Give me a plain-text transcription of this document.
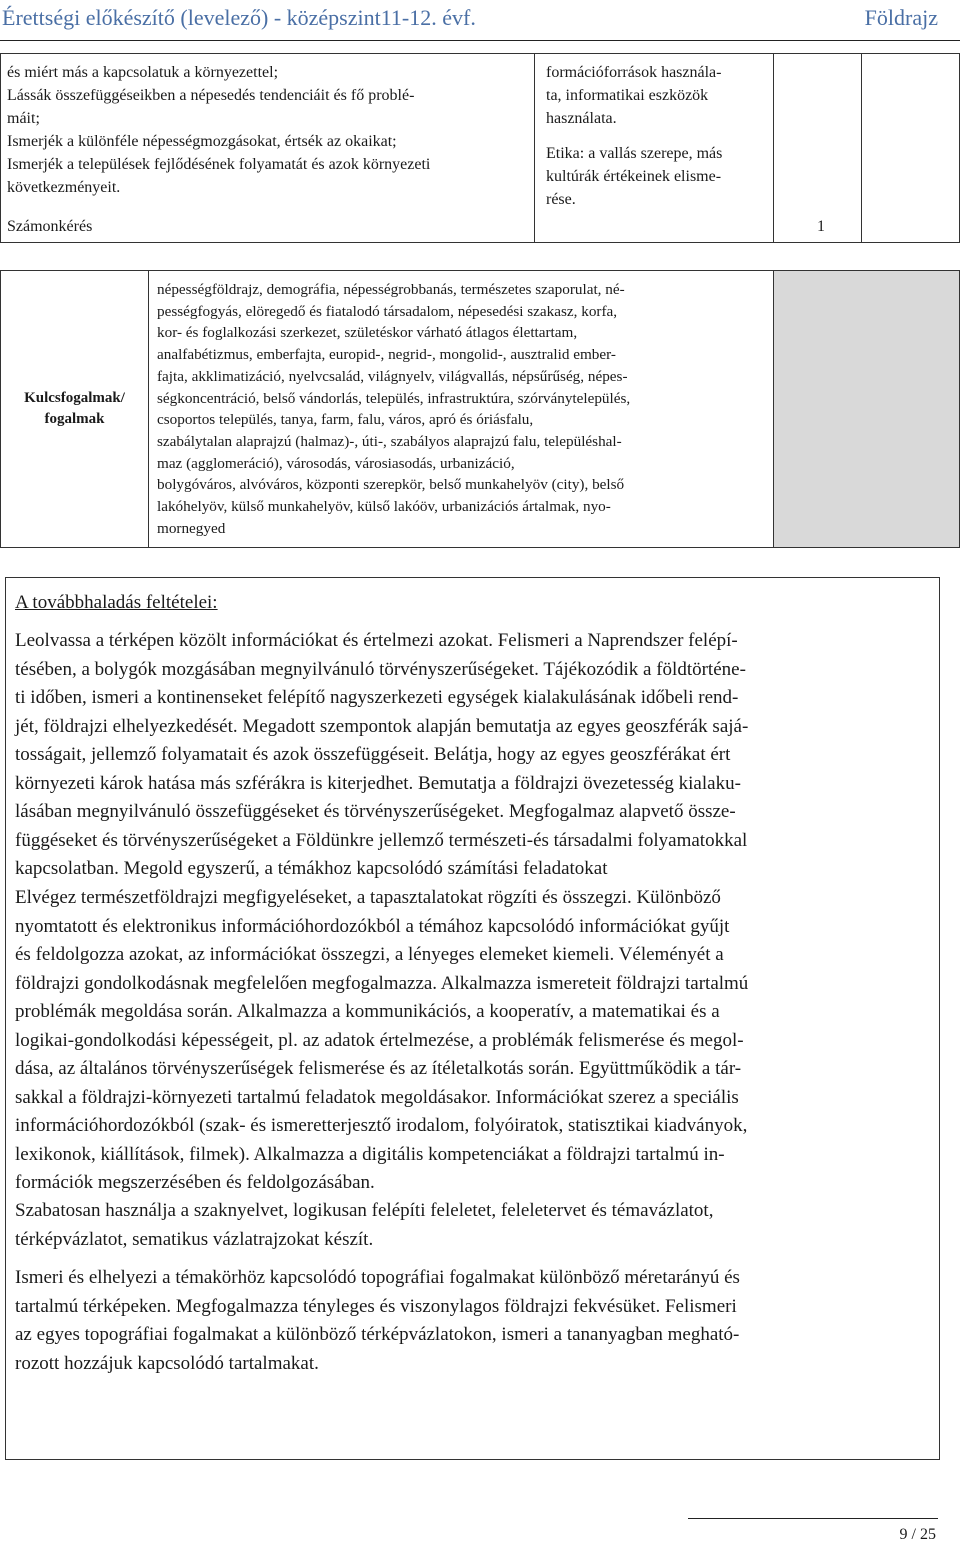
Érettségi előkészítő (levelező) - középszint11-12. évf.	Földrajz
és miért más a kapcsolatuk a környezettel;
Lássák összefüggéseikben a népesedés tendenciáit és fő problé-
máit;
Ismerjék a különféle népességmozgásokat, értsék az okaikat;
Ismerjék a települések fejlődésének folyamatát és azok környezeti
következményeit.
formációforrások használa-
ta, informatikai eszközök
használata.
Etika: a vallás szerepe, más
kultúrák értékeinek elisme-
rése.
Számonkérés	1
Kulcsfogalmak/
fogalmak
népességföldrajz, demográfia, népességrobbanás, természetes szaporulat, né-
pességfogyás, elöregedő és fiatalodó társadalom, népesedési szakasz, korfa,
kor- és foglalkozási szerkezet, születéskor várható átlagos élettartam,
analfabétizmus, emberfajta, europid-, negrid-, mongolid-, ausztralid ember-
fajta, akklimatizáció, nyelvcsalád, világnyelv, világvallás, népsűrűség, népes-
ségkoncentráció, belső vándorlás, település, infrastruktúra, szórványtelepülés,
csoportos település, tanya, farm, falu, város, apró és óriásfalu,
szabálytalan alaprajzú (halmaz)-, úti-, szabályos alaprajzú falu, településhal-
maz (agglomeráció), városodás, városiasodás, urbanizáció,
bolygóváros, alvóváros, központi szerepkör, belső munkahelyöv (city), belső
lakóhelyöv, külső munkahelyöv, külső lakóöv, urbanizációs ártalmak, nyo-
mornegyed
A továbbhaladás feltételei:
Leolvassa a térképen közölt információkat és értelmezi azokat. Felismeri a Naprendszer felépí-
tésében, a bolygók mozgásában megnyilvánuló törvényszerűségeket. Tájékozódik a földtörténe-
ti időben, ismeri a kontinenseket felépítő nagyszerkezeti egységek kialakulásának időbeli rend-
jét, földrajzi elhelyezkedését. Megadott szempontok alapján bemutatja az egyes geoszférák sajá-
tosságait, jellemző folyamatait és azok összefüggéseit. Belátja, hogy az egyes geoszférákat ért
környezeti károk hatása más szférákra is kiterjedhet. Bemutatja a földrajzi övezetesség kialaku-
lásában megnyilvánuló összefüggéseket és törvényszerűségeket. Megfogalmaz alapvető össze-
függéseket és törvényszerűségeket a Földünkre jellemző természeti-és társadalmi folyamatokkal
kapcsolatban. Megold egyszerű, a témákhoz kapcsolódó számítási feladatokat
Elvégez természetföldrajzi megfigyeléseket, a tapasztalatokat rögzíti és összegzi. Különböző
nyomtatott és elektronikus információhordozókból a témához kapcsolódó információkat gyűjt
és feldolgozza azokat, az információkat összegzi, a lényeges elemeket kiemeli. Véleményét a
földrajzi gondolkodásnak megfelelően megfogalmazza. Alkalmazza ismereteit földrajzi tartalmú
problémák megoldása során. Alkalmazza a kommunikációs, a kooperatív, a matematikai és a
logikai-gondolkodási képességeit, pl. az adatok értelmezése, a problémák felismerése és megol-
dása, az általános törvényszerűségek felismerése és az ítéletalkotás során. Együttműködik a tár-
sakkal a földrajzi-környezeti tartalmú feladatok megoldásakor. Információkat szerez a speciális
információhordozókból (szak- és ismeretterjesztő irodalom, folyóiratok, statisztikai kiadványok,
lexikonok, kiállítások, filmek). Alkalmazza a digitális kompetenciákat a földrajzi tartalmú in-
formációk megszerzésében és feldolgozásában.
Szabatosan használja a szaknyelvet, logikusan felépíti feleletet, feleletervet és témavázlatot,
térképvázlatot, sematikus vázlatrajzokat készít.
Ismeri és elhelyezi a témakörhöz kapcsolódó topográfiai fogalmakat különböző méretarányú és
tartalmú térképeken. Megfogalmazza tényleges és viszonylagos földrajzi fekvésüket. Felismeri
az egyes topográfiai fogalmakat a különböző térképvázlatokon, ismeri a tananyagban megható-
rozott hozzájuk kapcsolódó tartalmakat.
9 / 25
